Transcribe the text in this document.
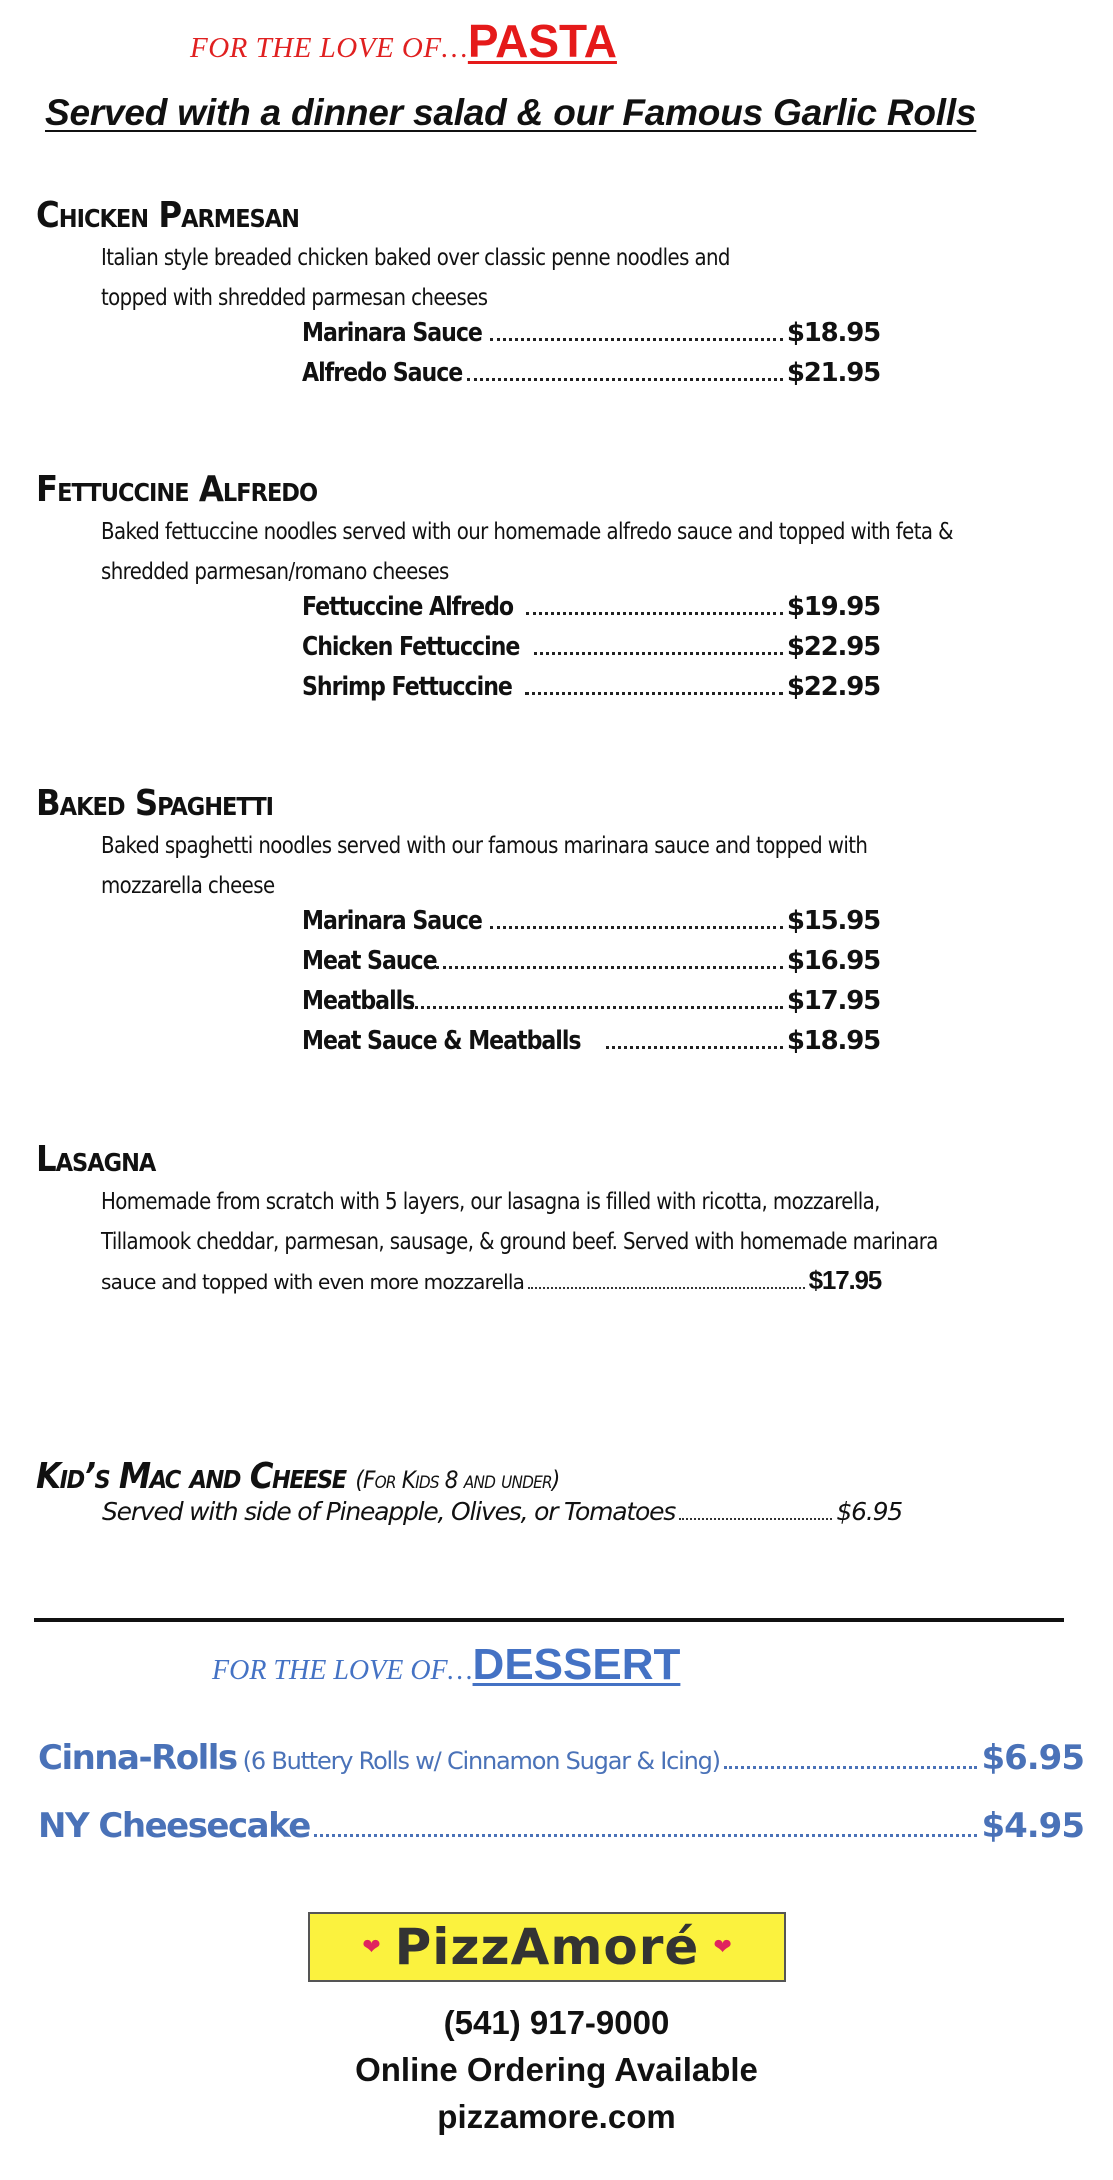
FOR THE LOVE OF…PASTA
Served with a dinner salad & our Famous Garlic Rolls
Chicken Parmesan
Italian style breaded chicken baked over classic penne noodles and
topped with shredded parmesan cheeses
Marinara Sauce	$18.95
Alfredo Sauce	$21.95
Fettuccine Alfredo
Baked fettuccine noodles served with our homemade alfredo sauce and topped with feta &
shredded parmesan/romano cheeses
Fettuccine Alfredo	$19.95
Chicken Fettuccine	$22.95
Shrimp Fettuccine	$22.95
Baked Spaghetti
Baked spaghetti noodles served with our famous marinara sauce and topped with
mozzarella cheese
Marinara Sauce	$15.95
Meat Sauce	$16.95
Meatballs	$17.95
Meat Sauce & Meatballs	$18.95
Lasagna
Homemade from scratch with 5 layers, our lasagna is filled with ricotta, mozzarella,
Tillamook cheddar, parmesan, sausage, & ground beef. Served with homemade marinara
sauce and topped with even more mozzarella	$17.95
Kid’s Mac and Cheese (For Kids 8 and under)
Served with side of Pineapple, Olives, or Tomatoes	$6.95
FOR THE LOVE OF…DESSERT
Cinna-Rolls (6 Buttery Rolls w/ Cinnamon Sugar & Icing)	$6.95
NY Cheesecake	$4.95
❤ PizzAmoré ❤
(541) 917-9000
Online Ordering Available
pizzamore.com
